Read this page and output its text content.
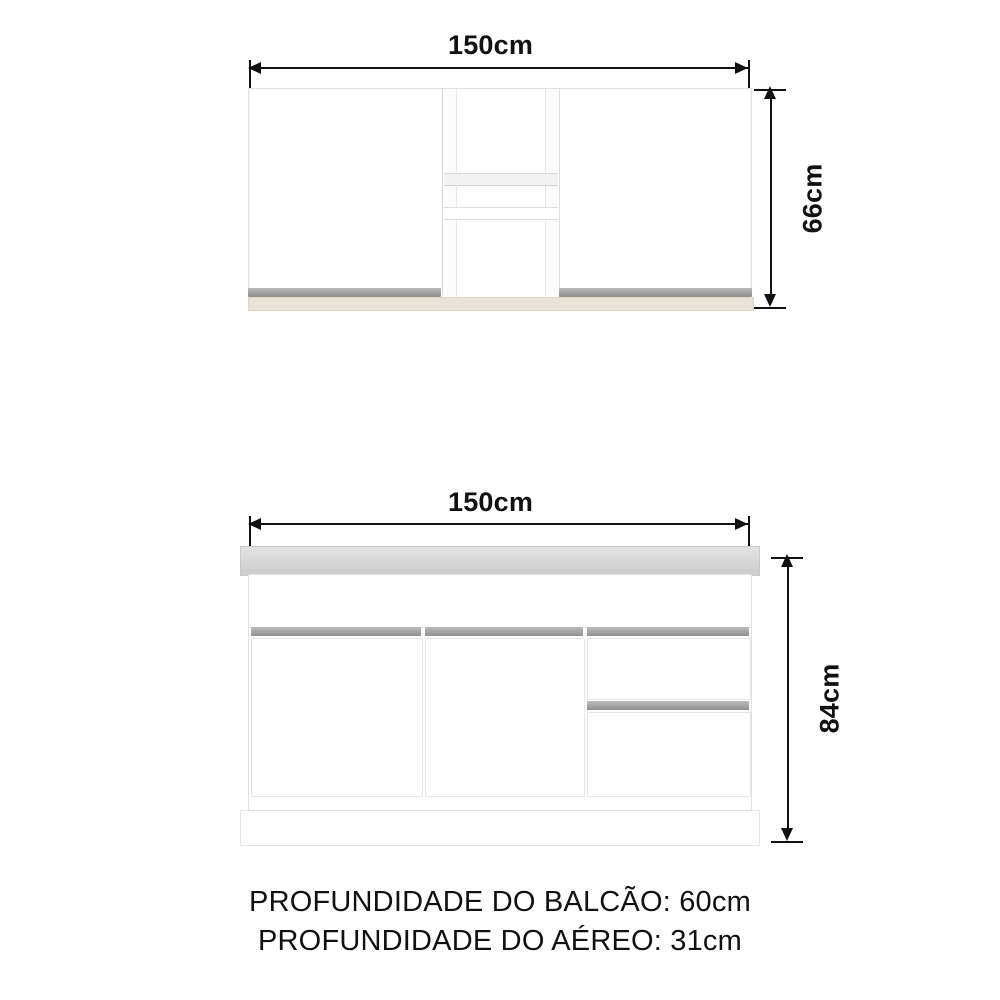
150cm
66cm
150cm
84cm
PROFUNDIDADE DO BALCÃO: 60cm
PROFUNDIDADE DO AÉREO: 31cm
